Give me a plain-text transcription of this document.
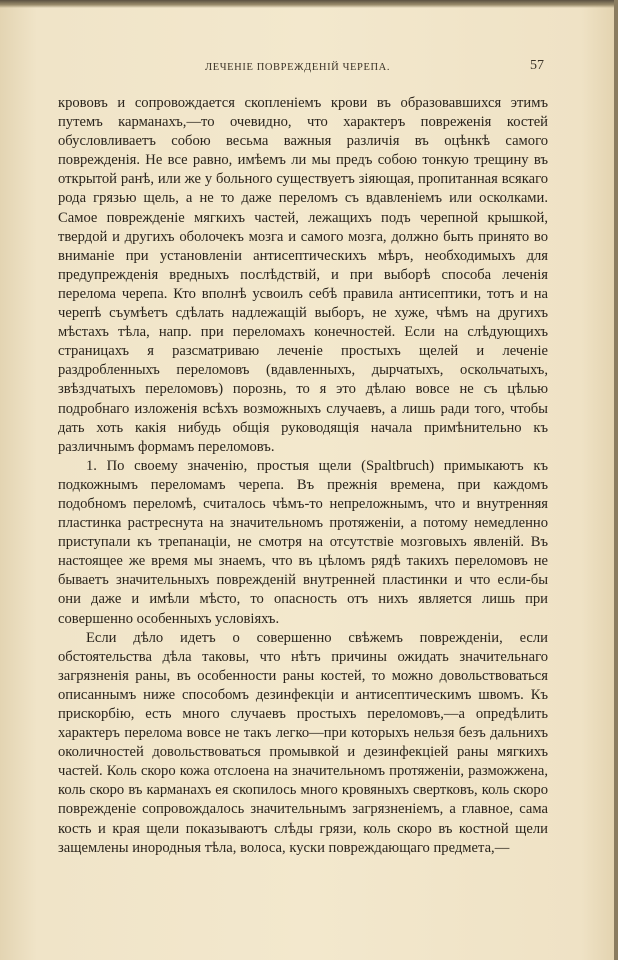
ЛЕЧЕНІЕ ПОВРЕЖДЕНІЙ ЧЕРЕПА.	57

крововъ и сопровождается скопленіемъ крови въ образовавшихся этимъ путемъ карманахъ,—то очевидно, что характеръ повреженія костей обусловливаетъ собою весьма важныя различія въ оцѣнкѣ самого поврежденія. Не все равно, имѣемъ ли мы предъ собою тонкую трещину въ открытой ранѣ, или же у больного существуетъ зіяющая, пропитанная всякаго рода грязью щель, а не то даже переломъ съ вдавленіемъ или осколками. Самое поврежденіе мягкихъ частей, лежащихъ подъ черепной крышкой, твердой и другихъ оболочекъ мозга и самого мозга, должно быть принято во вниманіе при установленіи антисептическихъ мѣръ, необходимыхъ для предупрежденія вредныхъ послѣдствій, и при выборѣ способа леченія перелома черепа. Кто вполнѣ усвоилъ себѣ правила антисептики, тотъ и на черепѣ съумѣетъ сдѣлать надлежащій выборъ, не хуже, чѣмъ на другихъ мѣстахъ тѣла, напр. при переломахъ конечностей. Если на слѣдующихъ страницахъ я разсматриваю леченіе простыхъ щелей и леченіе раздробленныхъ переломовъ (вдавленныхъ, дырчатыхъ, оскольчатыхъ, звѣздчатыхъ переломовъ) порознь, то я это дѣлаю вовсе не съ цѣлью подробнаго изложенія всѣхъ возможныхъ случаевъ, а лишь ради того, чтобы дать хоть какія нибудь общія руководящія начала примѣнительно къ различнымъ формамъ переломовъ.

1. По своему значенію, простыя щели (Spaltbruch) примыкаютъ къ подкожнымъ переломамъ черепа. Въ прежнія времена, при каждомъ подобномъ переломѣ, считалось чѣмъ-то непреложнымъ, что и внутренняя пластинка растреснута на значительномъ протяженіи, а потому немедленно приступали къ трепанаціи, не смотря на отсутствіе мозговыхъ явленій. Въ настоящее же время мы знаемъ, что въ цѣломъ рядѣ такихъ переломовъ не бываетъ значительныхъ поврежденій внутренней пластинки и что если-бы они даже и имѣли мѣсто, то опасность отъ нихъ является лишь при совершенно особенныхъ условіяхъ.

Если дѣло идетъ о совершенно свѣжемъ поврежденіи, если обстоятельства дѣла таковы, что нѣтъ причины ожидать значительнаго загрязненія раны, въ особенности раны костей, то можно довольствоваться описаннымъ ниже способомъ дезинфекціи и антисептическимъ швомъ. Къ прискорбію, есть много случаевъ простыхъ переломовъ,—а опредѣлить характеръ перелома вовсе не такъ легко—при которыхъ нельзя безъ дальнихъ околичностей довольствоваться промывкой и дезинфекціей раны мягкихъ частей. Коль скоро кожа отслоена на значительномъ протяженіи, разможжена, коль скоро въ карманахъ ея скопилось много кровяныхъ свертковъ, коль скоро поврежденіе сопровождалось значительнымъ загрязненіемъ, а главное, сама кость и края щели показываютъ слѣды грязи, коль скоро въ костной щели защемлены инородныя тѣла, волоса, куски повреждающаго предмета,—
